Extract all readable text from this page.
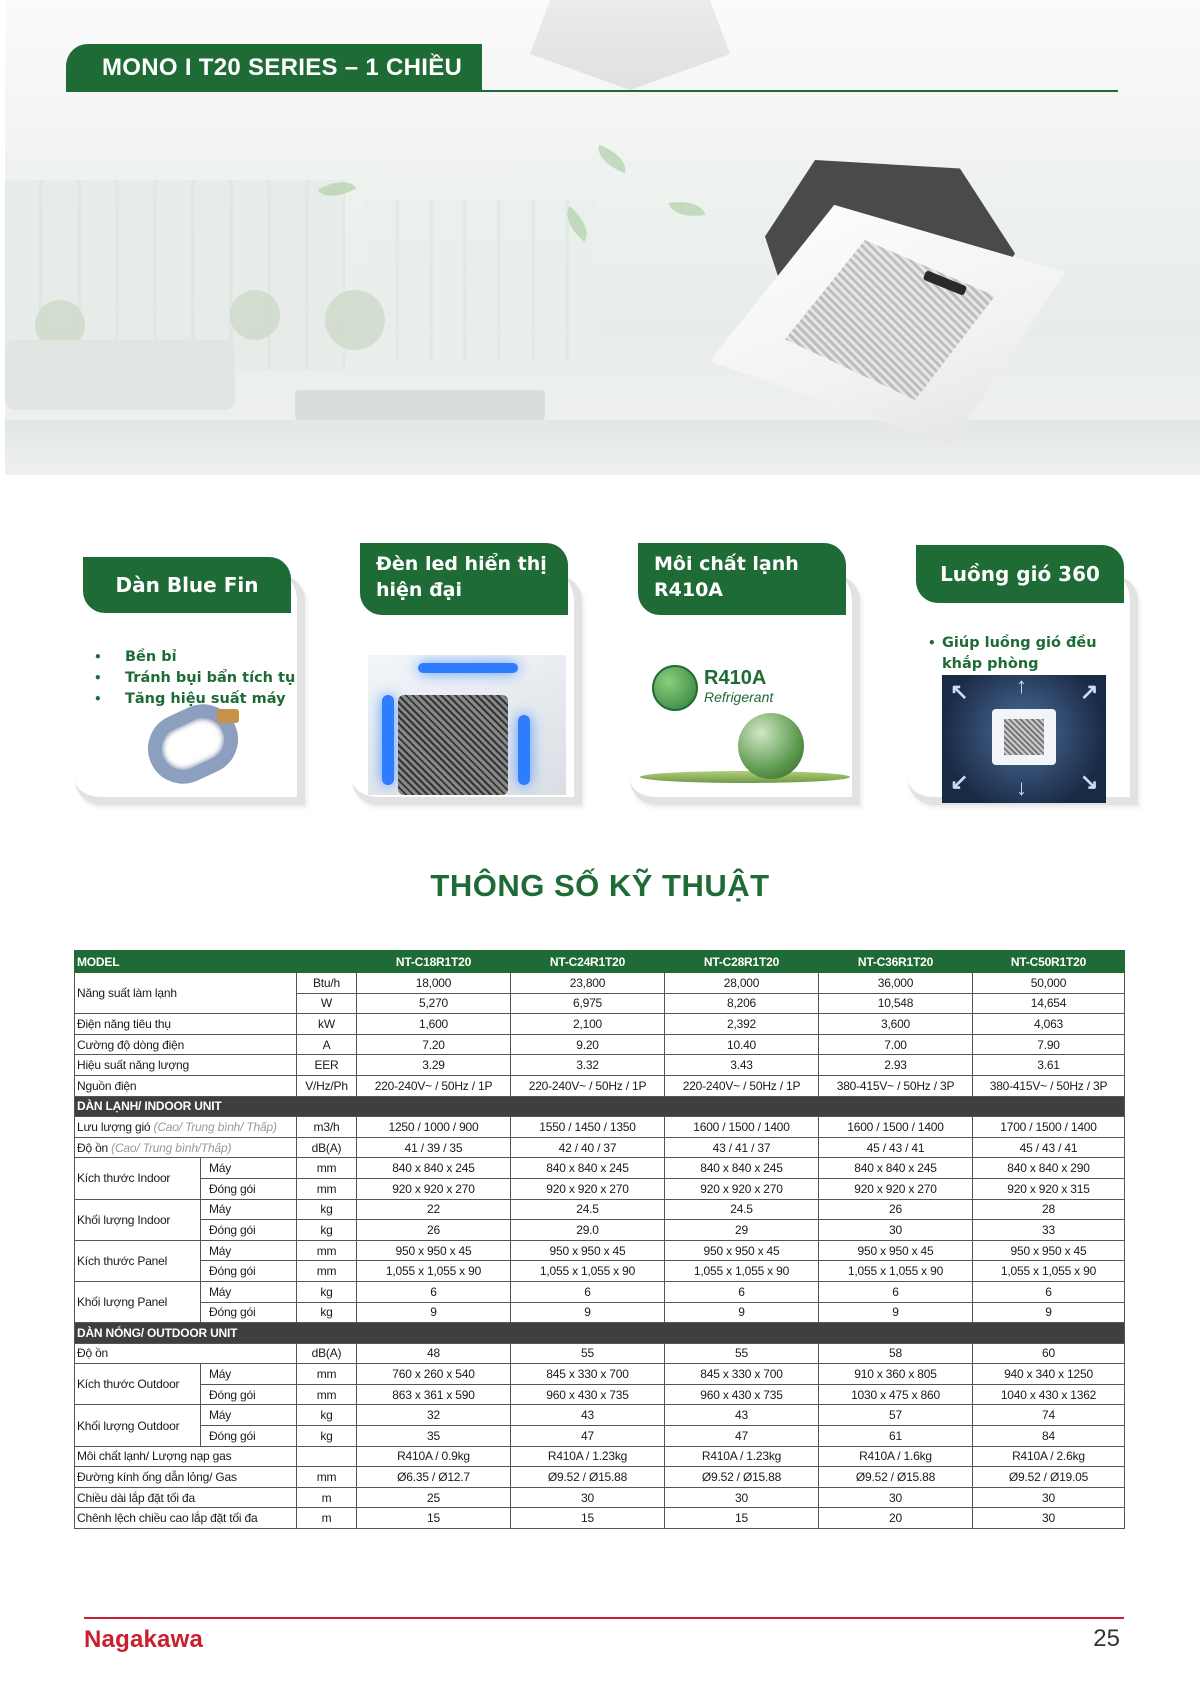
MONO I T20 SERIES – 1 CHIỀU
• Bền bỉ
• Tránh bụi bẩn tích tụ
• Tăng hiệu suất máy
Dàn Blue Fin
Đèn led hiển thị
hiện đại
R410A
Refrigerant
Môi chất lạnh
R410A
• Giúp luồng gió đều
khắp phòng
↖	↗
↙	↘
↑
↓
Luồng gió 360
THÔNG SỐ KỸ THUẬT
MODEL			NT-C18R1T20	NT-C24R1T20	NT-C28R1T20	NT-C36R1T20	NT-C50R1T20
Năng suất làm lạnh		Btu/h	18,000	23,800	28,000	36,000	50,000
		W	5,270	6,975	8,206	10,548	14,654
Điện năng tiêu thụ		kW	1,600	2,100	2,392	3,600	4,063
Cường độ dòng điện		A	7.20	9.20	10.40	7.00	7.90
Hiệu suất năng lượng		EER	3.29	3.32	3.43	2.93	3.61
Nguồn điện		V/Hz/Ph	220-240V~ / 50Hz / 1P	220-240V~ / 50Hz / 1P	220-240V~ / 50Hz / 1P	380-415V~ / 50Hz / 3P	380-415V~ / 50Hz / 3P
DÀN LẠNH/ INDOOR UNIT							
Lưu lượng gió (Cao/ Trung bình/ Thấp)		m3/h	1250 / 1000 / 900	1550 / 1450 / 1350	1600 / 1500 / 1400	1600 / 1500 / 1400	1700 / 1500 / 1400
Độ ồn (Cao/ Trung bình/Thấp)		dB(A)	41 / 39 / 35	42 / 40 / 37	43 / 41 / 37	45 / 43 / 41	45 / 43 / 41
Kích thước Indoor	Máy	mm	840 x 840 x 245	840 x 840 x 245	840 x 840 x 245	840 x 840 x 245	840 x 840 x 290
	Đóng gói	mm	920 x 920 x 270	920 x 920 x 270	920 x 920 x 270	920 x 920 x 270	920 x 920 x 315
Khối lượng Indoor	Máy	kg	22	24.5	24.5	26	28
	Đóng gói	kg	26	29.0	29	30	33
Kích thước Panel	Máy	mm	950 x 950 x 45	950 x 950 x 45	950 x 950 x 45	950 x 950 x 45	950 x 950 x 45
	Đóng gói	mm	1,055 x 1,055 x 90	1,055 x 1,055 x 90	1,055 x 1,055 x 90	1,055 x 1,055 x 90	1,055 x 1,055 x 90
Khối lượng Panel	Máy	kg	6	6	6	6	6
	Đóng gói	kg	9	9	9	9	9
DÀN NÓNG/ OUTDOOR UNIT							
Độ ồn		dB(A)	48	55	55	58	60
Kích thước Outdoor	Máy	mm	760 x 260 x 540	845 x 330 x 700	845 x 330 x 700	910 x 360 x 805	940 x 340 x 1250
	Đóng gói	mm	863 x 361 x 590	960 x 430 x 735	960 x 430 x 735	1030 x 475 x 860	1040 x 430 x 1362
Khối lượng Outdoor	Máy	kg	32	43	43	57	74
	Đóng gói	kg	35	47	47	61	84
Môi chất lạnh/ Lượng nạp gas			R410A / 0.9kg	R410A / 1.23kg	R410A / 1.23kg	R410A / 1.6kg	R410A / 2.6kg
Đường kính ống dẫn lỏng/ Gas		mm	Ø6.35 / Ø12.7	Ø9.52 / Ø15.88	Ø9.52 / Ø15.88	Ø9.52 / Ø15.88	Ø9.52 / Ø19.05
Chiều dài lắp đặt tối đa		m	25	30	30	30	30
Chênh lệch chiều cao lắp đặt tối đa		m	15	15	15	20	30
Nagakawa	25
